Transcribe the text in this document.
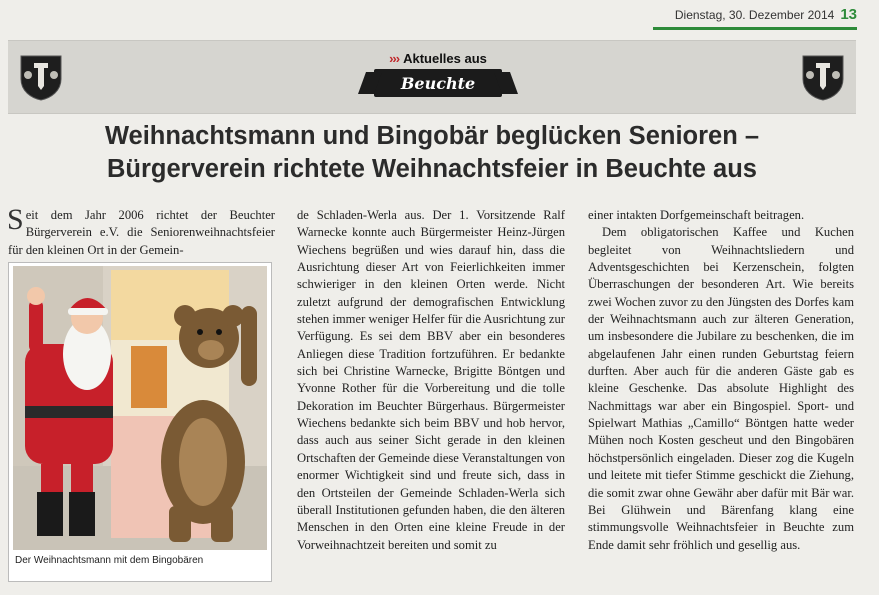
Dienstag, 30. Dezember 2014 13
››› Aktuelles aus
Beuchte
Weihnachtsmann und Bingobär beglücken Senioren –
Bürgerverein richtete Weihnachtsfeier in Beuchte aus

Seit dem Jahr 2006 richtet der Beuchter Bürgerverein e.V. die Seniorenweihnachtsfeier für den kleinen Ort in der Gemein-

Der Weihnachtsmann mit dem Bingobären

de Schladen-Werla aus. Der 1. Vorsitzende Ralf Warnecke konnte auch Bürgermeister Heinz-Jürgen Wiechens begrüßen und wies darauf hin, dass die Ausrichtung dieser Art von Feierlichkeiten immer schwieriger in den kleinen Orten werde. Nicht zuletzt aufgrund der demografischen Entwicklung stehen immer weniger Helfer für die Ausrichtung zur Verfügung. Es sei dem BBV aber ein besonderes Anliegen diese Tradition fortzuführen. Er bedankte sich bei Christine Warnecke, Brigitte Böntgen und Yvonne Rother für die Vorbereitung und die tolle Dekoration im Beuchter Bürgerhaus. Bürgermeister Wiechens bedankte sich beim BBV und hob hervor, dass auch aus seiner Sicht gerade in den kleinen Ortschaften der Gemeinde diese Veranstaltungen von enormer Wichtigkeit sind und freute sich, dass in den Ortsteilen der Gemeinde Schladen-Werla sich überall Institutionen gefunden haben, die den älteren Menschen in den Orten eine kleine Freude in der Vorweihnachtzeit bereiten und somit zu

einer intakten Dorfgemeinschaft beitragen.

Dem obligatorischen Kaffee und Kuchen begleitet von Weihnachtsliedern und Adventsgeschichten bei Kerzenschein, folgten Überraschungen der besonderen Art. Wie bereits zwei Wochen zuvor zu den Jüngsten des Dorfes kam der Weihnachtsmann auch zur älteren Generation, um insbesondere die Jubilare zu beschenken, die im abgelaufenen Jahr einen runden Geburtstag feiern durften. Aber auch für die anderen Gäste gab es kleine Geschenke. Das absolute Highlight des Nachmittags war aber ein Bingospiel. Sport- und Spielwart Mathias „Camillo“ Böntgen hatte weder Mühen noch Kosten gescheut und den Bingobären höchstpersönlich eingeladen. Dieser zog die Kugeln und leitete mit tiefer Stimme geschickt die Ziehung, die somit zwar ohne Gewähr aber dafür mit Bär war. Bei Glühwein und Bärenfang klang eine stimmungsvolle Weihnachtsfeier in Beuchte zum Ende damit sehr fröhlich und gesellig aus.
